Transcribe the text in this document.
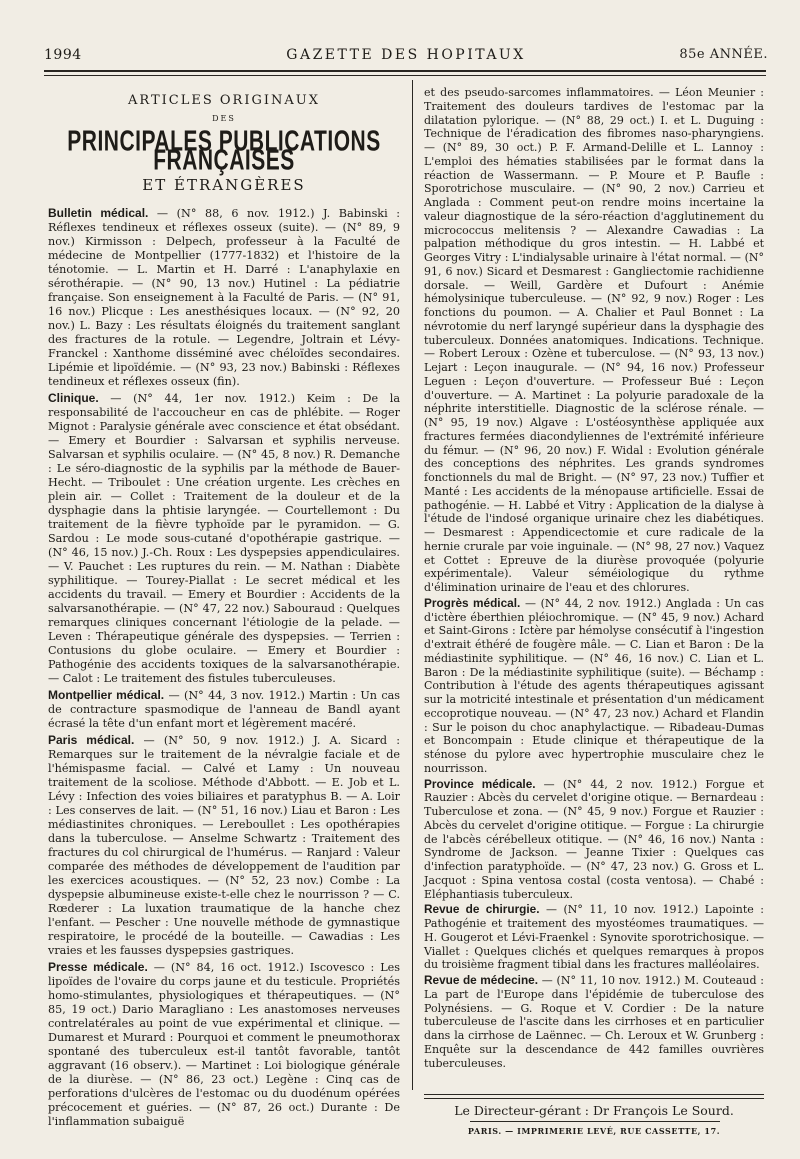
1994	GAZETTE DES HOPITAUX	85e ANNÉE.
ARTICLES ORIGINAUX
DES
PRINCIPALES PUBLICATIONS FRANÇAISES
ET ÉTRANGÈRES

Bulletin médical. — (N° 88, 6 nov. 1912.) J. Babinski : Réflexes tendineux et réflexes osseux (suite). — (N° 89, 9 nov.) Kirmisson : Delpech, professeur à la Faculté de médecine de Montpellier (1777-1832) et l'histoire de la ténotomie. — L. Martin et H. Darré : L'anaphylaxie en sérothérapie. — (N° 90, 13 nov.) Hutinel : La pédiatrie française. Son enseignement à la Faculté de Paris. — (N° 91, 16 nov.) Plicque : Les anesthésiques locaux. — (N° 92, 20 nov.) L. Bazy : Les résultats éloignés du traitement sanglant des fractures de la rotule. — Legendre, Joltrain et Lévy-Franckel : Xanthome disséminé avec chéloïdes secondaires. Lipémie et lipoïdémie. — (N° 93, 23 nov.) Babinski : Réflexes tendineux et réflexes osseux (fin).

Clinique. — (N° 44, 1er nov. 1912.) Keim : De la responsabilité de l'accoucheur en cas de phlébite. — Roger Mignot : Paralysie générale avec conscience et état obsédant. — Emery et Bourdier : Salvarsan et syphilis nerveuse. Salvarsan et syphilis oculaire. — (N° 45, 8 nov.) R. Demanche : Le séro-diagnostic de la syphilis par la méthode de Bauer-Hecht. — Triboulet : Une création urgente. Les crèches en plein air. — Collet : Traitement de la douleur et de la dysphagie dans la phtisie laryngée. — Courtellemont : Du traitement de la fièvre typhoïde par le pyramidon. — G. Sardou : Le mode sous-cutané d'opothérapie gastrique. — (N° 46, 15 nov.) J.-Ch. Roux : Les dyspepsies appendiculaires. — V. Pauchet : Les ruptures du rein. — M. Nathan : Diabète syphilitique. — Tourey-Piallat : Le secret médical et les accidents du travail. — Emery et Bourdier : Accidents de la salvarsanothérapie. — (N° 47, 22 nov.) Sabouraud : Quelques remarques cliniques concernant l'étiologie de la pelade. — Leven : Thérapeutique générale des dyspepsies. — Terrien : Contusions du globe oculaire. — Emery et Bourdier : Pathogénie des accidents toxiques de la salvarsanothérapie. — Calot : Le traitement des fistules tuberculeuses.

Montpellier médical. — (N° 44, 3 nov. 1912.) Martin : Un cas de contracture spasmodique de l'anneau de Bandl ayant écrasé la tête d'un enfant mort et légèrement macéré.

Paris médical. — (N° 50, 9 nov. 1912.) J. A. Sicard : Remarques sur le traitement de la névralgie faciale et de l'hémispasme facial. — Calvé et Lamy : Un nouveau traitement de la scoliose. Méthode d'Abbott. — E. Job et L. Lévy : Infection des voies biliaires et paratyphus B. — A. Loir : Les conserves de lait. — (N° 51, 16 nov.) Liau et Baron : Les médiastinites chroniques. — Lereboullet : Les opothérapies dans la tuberculose. — Anselme Schwartz : Traitement des fractures du col chirurgical de l'humérus. — Ranjard : Valeur comparée des méthodes de développement de l'audition par les exercices acoustiques. — (N° 52, 23 nov.) Combe : La dyspepsie albumineuse existe-t-elle chez le nourrisson ? — C. Rœderer : La luxation traumatique de la hanche chez l'enfant. — Pescher : Une nouvelle méthode de gymnastique respiratoire, le procédé de la bouteille. — Cawadias : Les vraies et les fausses dyspepsies gastriques.

Presse médicale. — (N° 84, 16 oct. 1912.) Iscovesco : Les lipoïdes de l'ovaire du corps jaune et du testicule. Propriétés homo-stimulantes, physiologiques et thérapeutiques. — (N° 85, 19 oct.) Dario Maragliano : Les anastomoses nerveuses contrelatérales au point de vue expérimental et clinique. — Dumarest et Murard : Pourquoi et comment le pneumothorax spontané des tuberculeux est-il tantôt favorable, tantôt aggravant (16 observ.). — Martinet : Loi biologique générale de la diurèse. — (N° 86, 23 oct.) Legène : Cinq cas de perforations d'ulcères de l'estomac ou du duodénum opérées précocement et guéries. — (N° 87, 26 oct.) Durante : De l'inflammation subaiguë

et des pseudo-sarcomes inflammatoires. — Léon Meunier : Traitement des douleurs tardives de l'estomac par la dilatation pylorique. — (N° 88, 29 oct.) I. et L. Duguing : Technique de l'éradication des fibromes naso-pharyngiens. — (N° 89, 30 oct.) P. F. Armand-Delille et L. Lannoy : L'emploi des hématies stabilisées par le format dans la réaction de Wassermann. — P. Moure et P. Baufle : Sporotrichose musculaire. — (N° 90, 2 nov.) Carrieu et Anglada : Comment peut-on rendre moins incertaine la valeur diagnostique de la séro-réaction d'agglutinement du micrococcus melitensis ? — Alexandre Cawadias : La palpation méthodique du gros intestin. — H. Labbé et Georges Vitry : L'indialysable urinaire à l'état normal. — (N° 91, 6 nov.) Sicard et Desmarest : Gangliectomie rachidienne dorsale. — Weill, Gardère et Dufourt : Anémie hémolysinique tuberculeuse. — (N° 92, 9 nov.) Roger : Les fonctions du poumon. — A. Chalier et Paul Bonnet : La névrotomie du nerf laryngé supérieur dans la dysphagie des tuberculeux. Données anatomiques. Indications. Technique. — Robert Leroux : Ozène et tuberculose. — (N° 93, 13 nov.) Lejart : Leçon inaugurale. — (N° 94, 16 nov.) Professeur Leguen : Leçon d'ouverture. — Professeur Bué : Leçon d'ouverture. — A. Martinet : La polyurie paradoxale de la néphrite interstitielle. Diagnostic de la sclérose rénale. — (N° 95, 19 nov.) Algave : L'ostéosynthèse appliquée aux fractures fermées diacondyliennes de l'extrémité inférieure du fémur. — (N° 96, 20 nov.) F. Widal : Evolution générale des conceptions des néphrites. Les grands syndromes fonctionnels du mal de Bright. — (N° 97, 23 nov.) Tuffier et Manté : Les accidents de la ménopause artificielle. Essai de pathogénie. — H. Labbé et Vitry : Application de la dialyse à l'étude de l'indosé organique urinaire chez les diabétiques. — Desmarest : Appendicectomie et cure radicale de la hernie crurale par voie inguinale. — (N° 98, 27 nov.) Vaquez et Cottet : Epreuve de la diurèse provoquée (polyurie expérimentale). Valeur séméiologique du rythme d'élimination urinaire de l'eau et des chlorures.

Progrès médical. — (N° 44, 2 nov. 1912.) Anglada : Un cas d'ictère éberthien pléiochromique. — (N° 45, 9 nov.) Achard et Saint-Girons : Ictère par hémolyse consécutif à l'ingestion d'extrait éthéré de fougère mâle. — C. Lian et Baron : De la médiastinite syphilitique. — (N° 46, 16 nov.) C. Lian et L. Baron : De la médiastinite syphilitique (suite). — Béchamp : Contribution à l'étude des agents thérapeutiques agissant sur la motricité intestinale et présentation d'un médicament eccoprotique nouveau. — (N° 47, 23 nov.) Achard et Flandin : Sur le poison du choc anaphylactique. — Ribadeau-Dumas et Boncompain : Etude clinique et thérapeutique de la sténose du pylore avec hypertrophie musculaire chez le nourrisson.

Province médicale. — (N° 44, 2 nov. 1912.) Forgue et Rauzier : Abcès du cervelet d'origine otique. — Bernardeau : Tuberculose et zona. — (N° 45, 9 nov.) Forgue et Rauzier : Abcès du cervelet d'origine otitique. — Forgue : La chirurgie de l'abcès cérébelleux otitique. — (N° 46, 16 nov.) Nanta : Syndrome de Jackson. — Jeanne Tixier : Quelques cas d'infection paratyphoïde. — (N° 47, 23 nov.) G. Gross et L. Jacquot : Spina ventosa costal (costa ventosa). — Chabé : Eléphantiasis tuberculeux.

Revue de chirurgie. — (N° 11, 10 nov. 1912.) Lapointe : Pathogénie et traitement des myostéomes traumatiques. — H. Gougerot et Lévi-Fraenkel : Synovite sporotrichosique. — Viallet : Quelques clichés et quelques remarques à propos du troisième fragment tibial dans les fractures malléolaires.

Revue de médecine. — (N° 11, 10 nov. 1912.) M. Couteaud : La part de l'Europe dans l'épidémie de tuberculose des Polynésiens. — G. Roque et V. Cordier : De la nature tuberculeuse de l'ascite dans les cirrhoses et en particulier dans la cirrhose de Laënnec. — Ch. Leroux et W. Grunberg : Enquête sur la descendance de 442 familles ouvrières tuberculeuses.

Le Directeur-gérant : Dr François Le Sourd.
PARIS. — IMPRIMERIE LEVÉ, RUE CASSETTE, 17.
